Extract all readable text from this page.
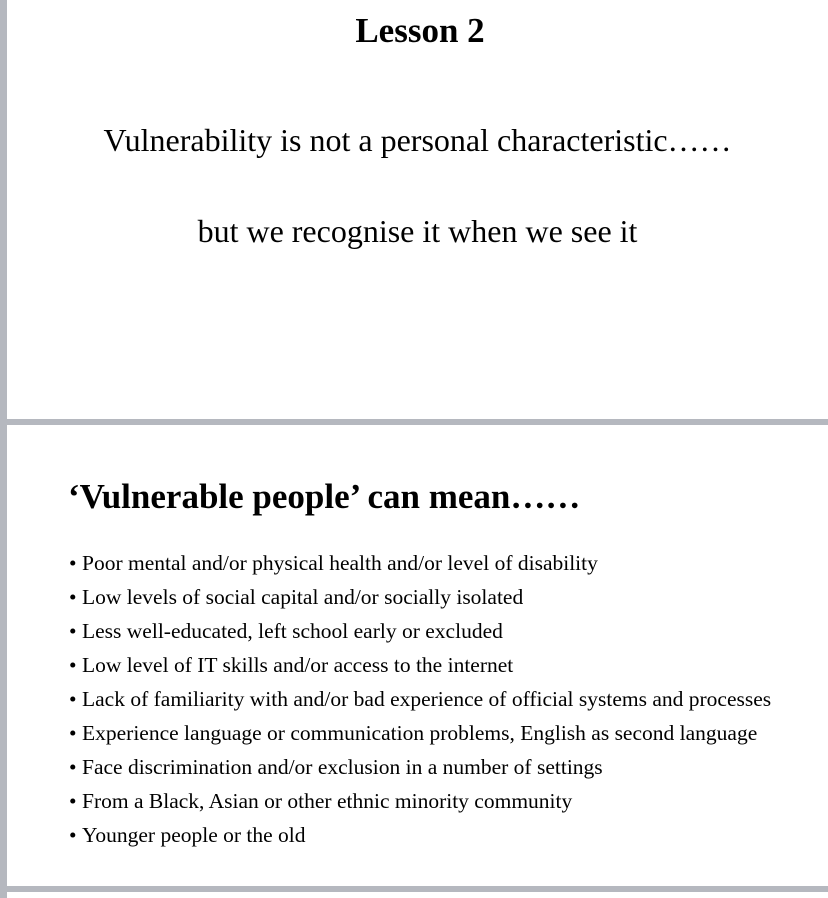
Lesson 2
Vulnerability is not a personal characteristic……
but we recognise it when we see it
‘Vulnerable people’ can mean……
• Poor mental and/or physical health and/or level of disability
• Low levels of social capital and/or socially isolated
• Less well-educated, left school early or excluded
• Low level of IT skills and/or access to the internet
• Lack of familiarity with and/or bad experience of official systems and processes
• Experience language or communication problems, English as second language
• Face discrimination and/or exclusion in a number of settings
• From a Black, Asian or other ethnic minority community
• Younger people or the old
